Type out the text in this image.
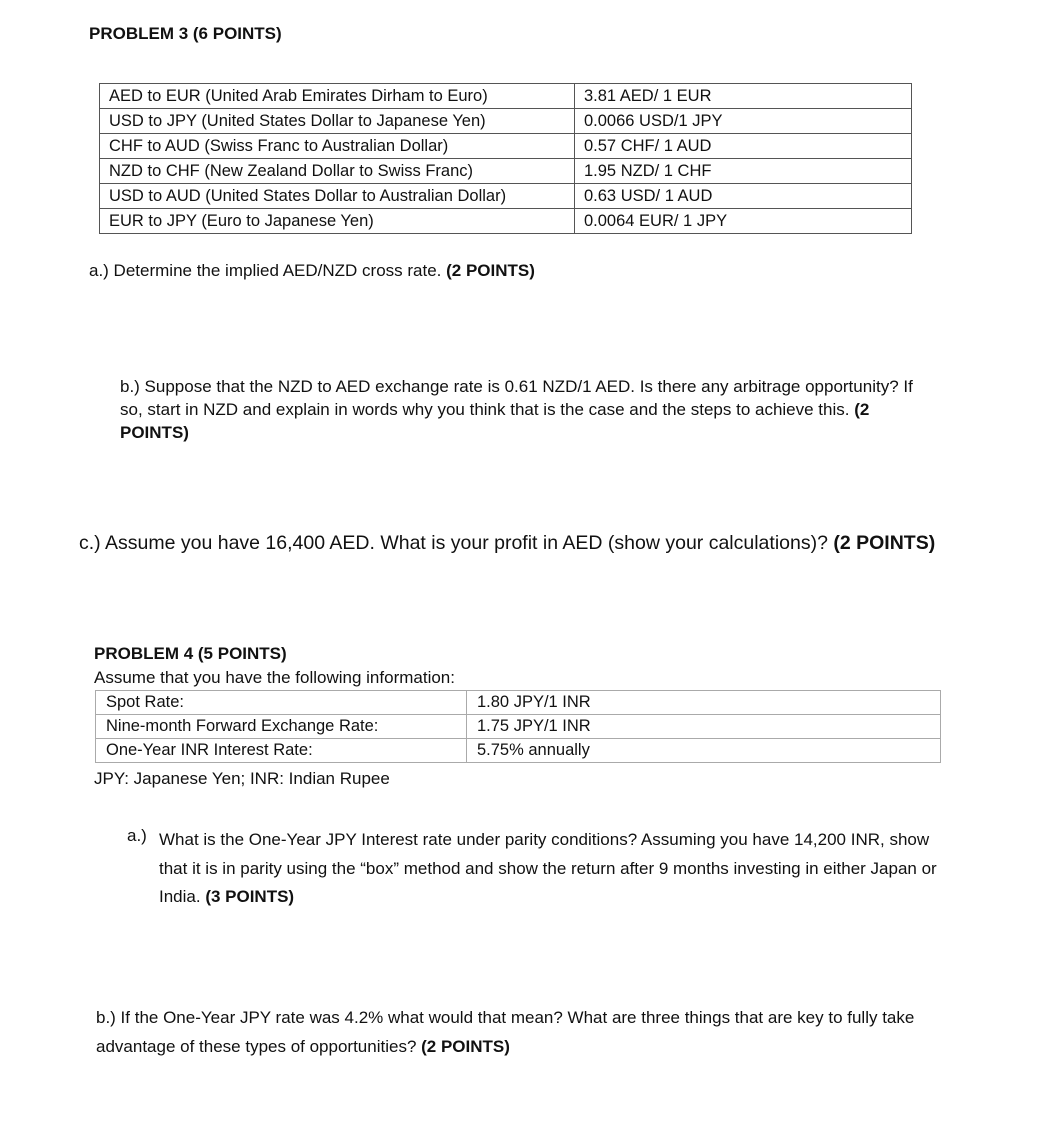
PROBLEM 3 (6 POINTS)
AED to EUR (United Arab Emirates Dirham to Euro)	3.81 AED/ 1 EUR
USD to JPY (United States Dollar to Japanese Yen)	0.0066 USD/1 JPY
CHF to AUD (Swiss Franc to Australian Dollar)	0.57 CHF/ 1 AUD
NZD to CHF (New Zealand Dollar to Swiss Franc)	1.95 NZD/ 1 CHF
USD to AUD (United States Dollar to Australian Dollar)	0.63 USD/ 1 AUD
EUR to JPY (Euro to Japanese Yen)	0.0064 EUR/ 1 JPY
a.) Determine the implied AED/NZD cross rate. (2 POINTS)
b.) Suppose that the NZD to AED exchange rate is 0.61 NZD/1 AED. Is there any arbitrage opportunity? If so, start in NZD and explain in words why you think that is the case and the steps to achieve this. (2 POINTS)
c.) Assume you have 16,400 AED. What is your profit in AED (show your calculations)? (2 POINTS)
PROBLEM 4 (5 POINTS)
Assume that you have the following information:
Spot Rate:	1.80 JPY/1 INR
Nine-month Forward Exchange Rate:	1.75 JPY/1 INR
One-Year INR Interest Rate:	5.75% annually
JPY: Japanese Yen; INR: Indian Rupee
a.) What is the One-Year JPY Interest rate under parity conditions? Assuming you have 14,200 INR, show that it is in parity using the “box” method and show the return after 9 months investing in either Japan or India. (3 POINTS)
b.) If the One-Year JPY rate was 4.2% what would that mean? What are three things that are key to fully take advantage of these types of opportunities? (2 POINTS)
